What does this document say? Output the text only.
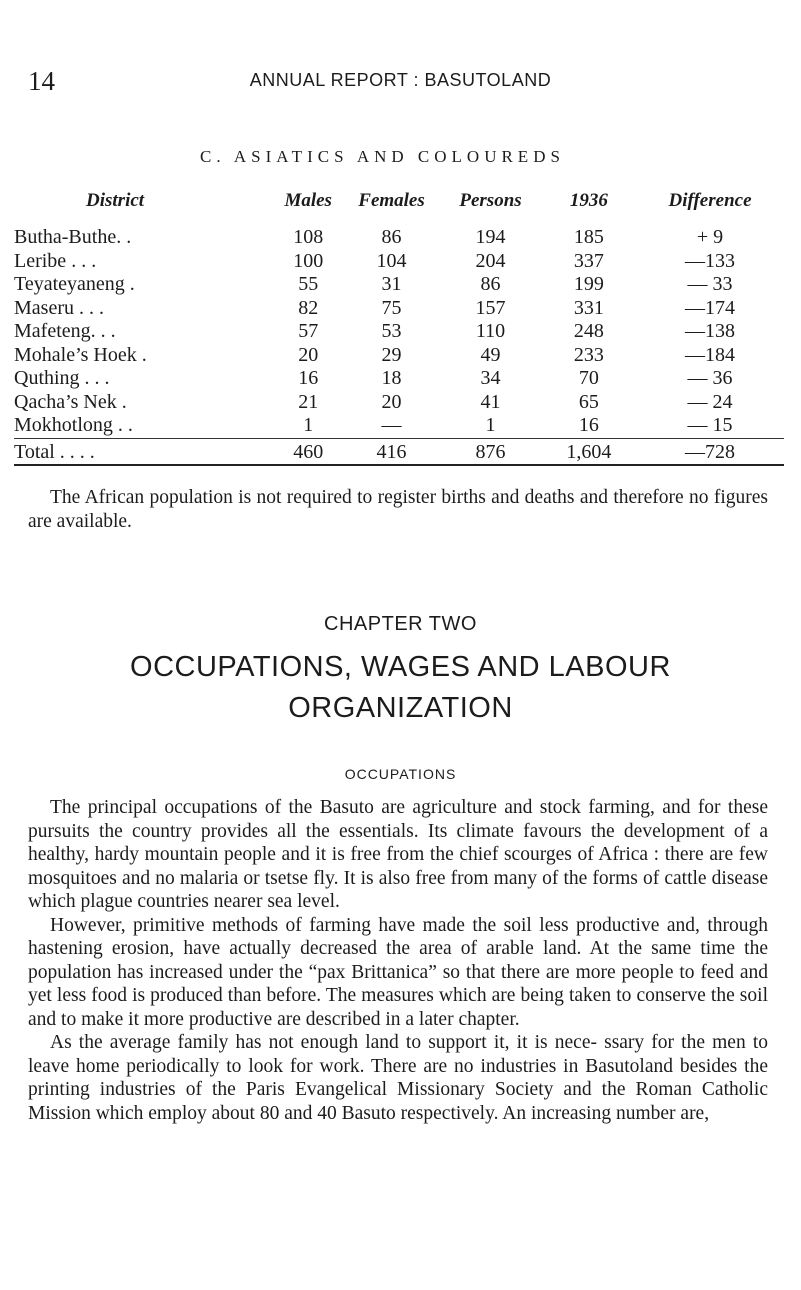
14	ANNUAL REPORT : BASUTOLAND
C. ASIATICS AND COLOUREDS
District	Males	Females	Persons	1936	Difference
Butha-Buthe. .	108	86	194	185	+ 9
Leribe . . .	100	104	204	337	—133
Teyateyaneng .	55	31	86	199	— 33
Maseru . . .	82	75	157	331	—174
Mafeteng. . .	57	53	110	248	—138
Mohale’s Hoek .	20	29	49	233	—184
Quthing . . .	16	18	34	70	— 36
Qacha’s Nek .	21	20	41	65	— 24
Mokhotlong . .	1	—	1	16	— 15
Total . . . .	460	416	876	1,604	—728

The African population is not required to register births and deaths and therefore no figures are available.

CHAPTER TWO
OCCUPATIONS, WAGES AND LABOUR
ORGANIZATION
OCCUPATIONS

The principal occupations of the Basuto are agriculture and stock farming, and for these pursuits the country provides all the essentials. Its climate favours the development of a healthy, hardy mountain people and it is free from the chief scourges of Africa : there are few mosquitoes and no malaria or tsetse fly. It is also free from many of the forms of cattle disease which plague countries nearer sea level.

However, primitive methods of farming have made the soil less productive and, through hastening erosion, have actually decreased the area of arable land. At the same time the population has increased under the “pax Brittanica” so that there are more people to feed and yet less food is produced than before. The measures which are being taken to conserve the soil and to make it more productive are described in a later chapter.

As the average family has not enough land to support it, it is nece- ssary for the men to leave home periodically to look for work. There are no industries in Basutoland besides the printing industries of the Paris Evangelical Missionary Society and the Roman Catholic Mission which employ about 80 and 40 Basuto respectively. An increasing number are,
